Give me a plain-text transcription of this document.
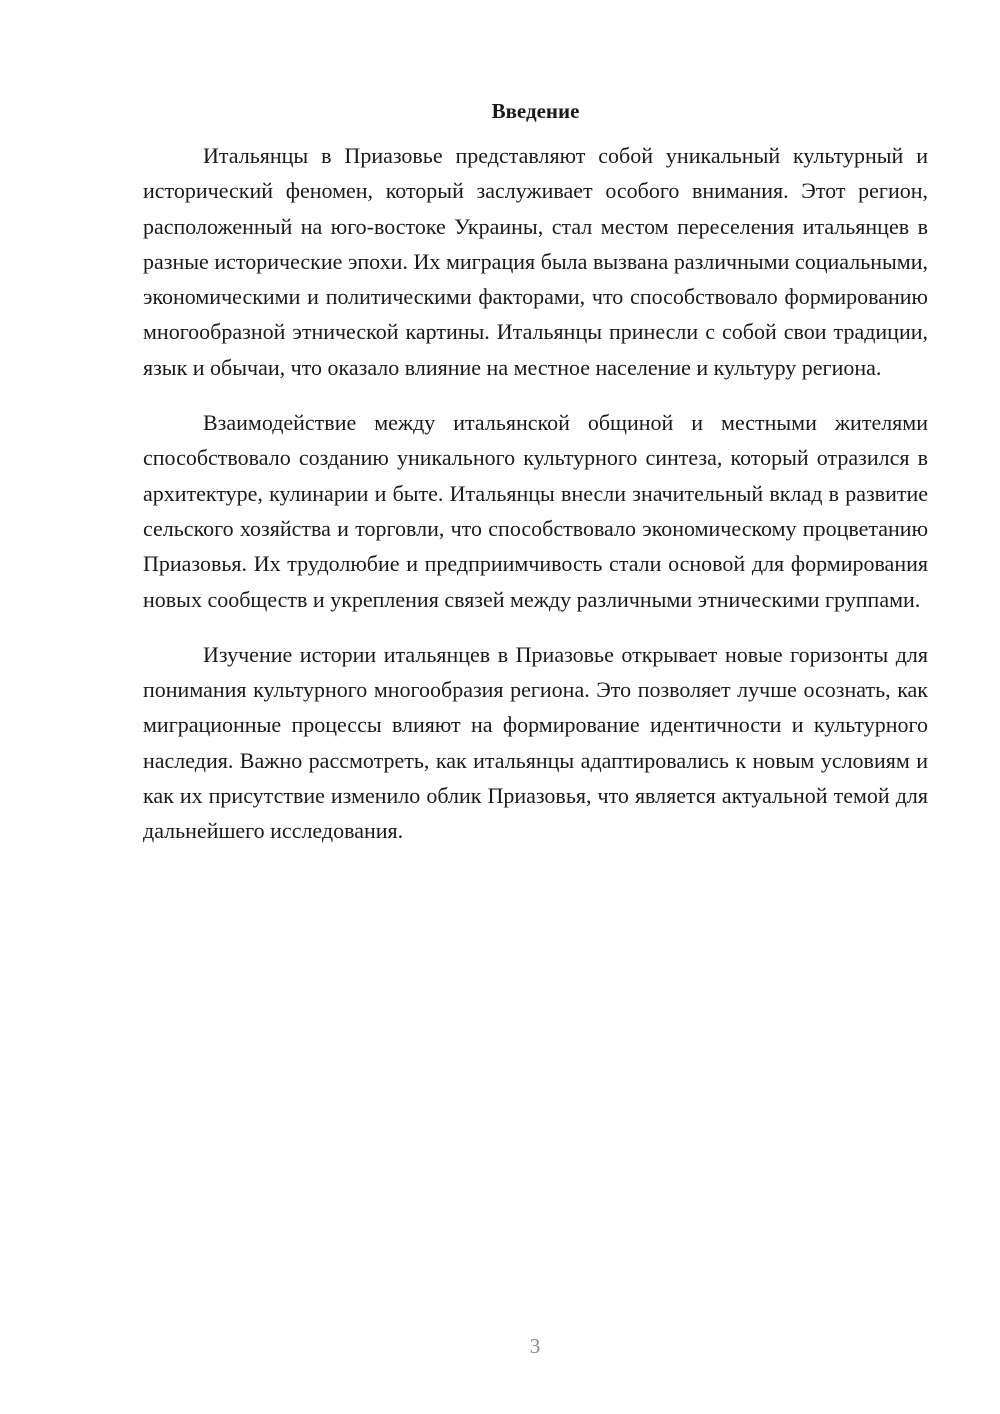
Введение

Итальянцы в Приазовье представляют собой уникальный культурный и исторический феномен, который заслуживает особого внимания. Этот регион, расположенный на юго-востоке Украины, стал местом переселения итальянцев в разные исторические эпохи. Их миграция была вызвана различными социальными, экономическими и политическими факторами, что способствовало формированию многообразной этнической картины. Итальянцы принесли с собой свои традиции, язык и обычаи, что оказало влияние на местное население и культуру региона.

Взаимодействие между итальянской общиной и местными жителями способствовало созданию уникального культурного синтеза, который отразился в архитектуре, кулинарии и быте. Итальянцы внесли значительный вклад в развитие сельского хозяйства и торговли, что способствовало экономическому процветанию Приазовья. Их трудолюбие и предприимчивость стали основой для формирования новых сообществ и укрепления связей между различными этническими группами.

Изучение истории итальянцев в Приазовье открывает новые горизонты для понимания культурного многообразия региона. Это позволяет лучше осознать, как миграционные процессы влияют на формирование идентичности и культурного наследия. Важно рассмотреть, как итальянцы адаптировались к новым условиям и как их присутствие изменило облик Приазовья, что является актуальной темой для дальнейшего исследования.

3
